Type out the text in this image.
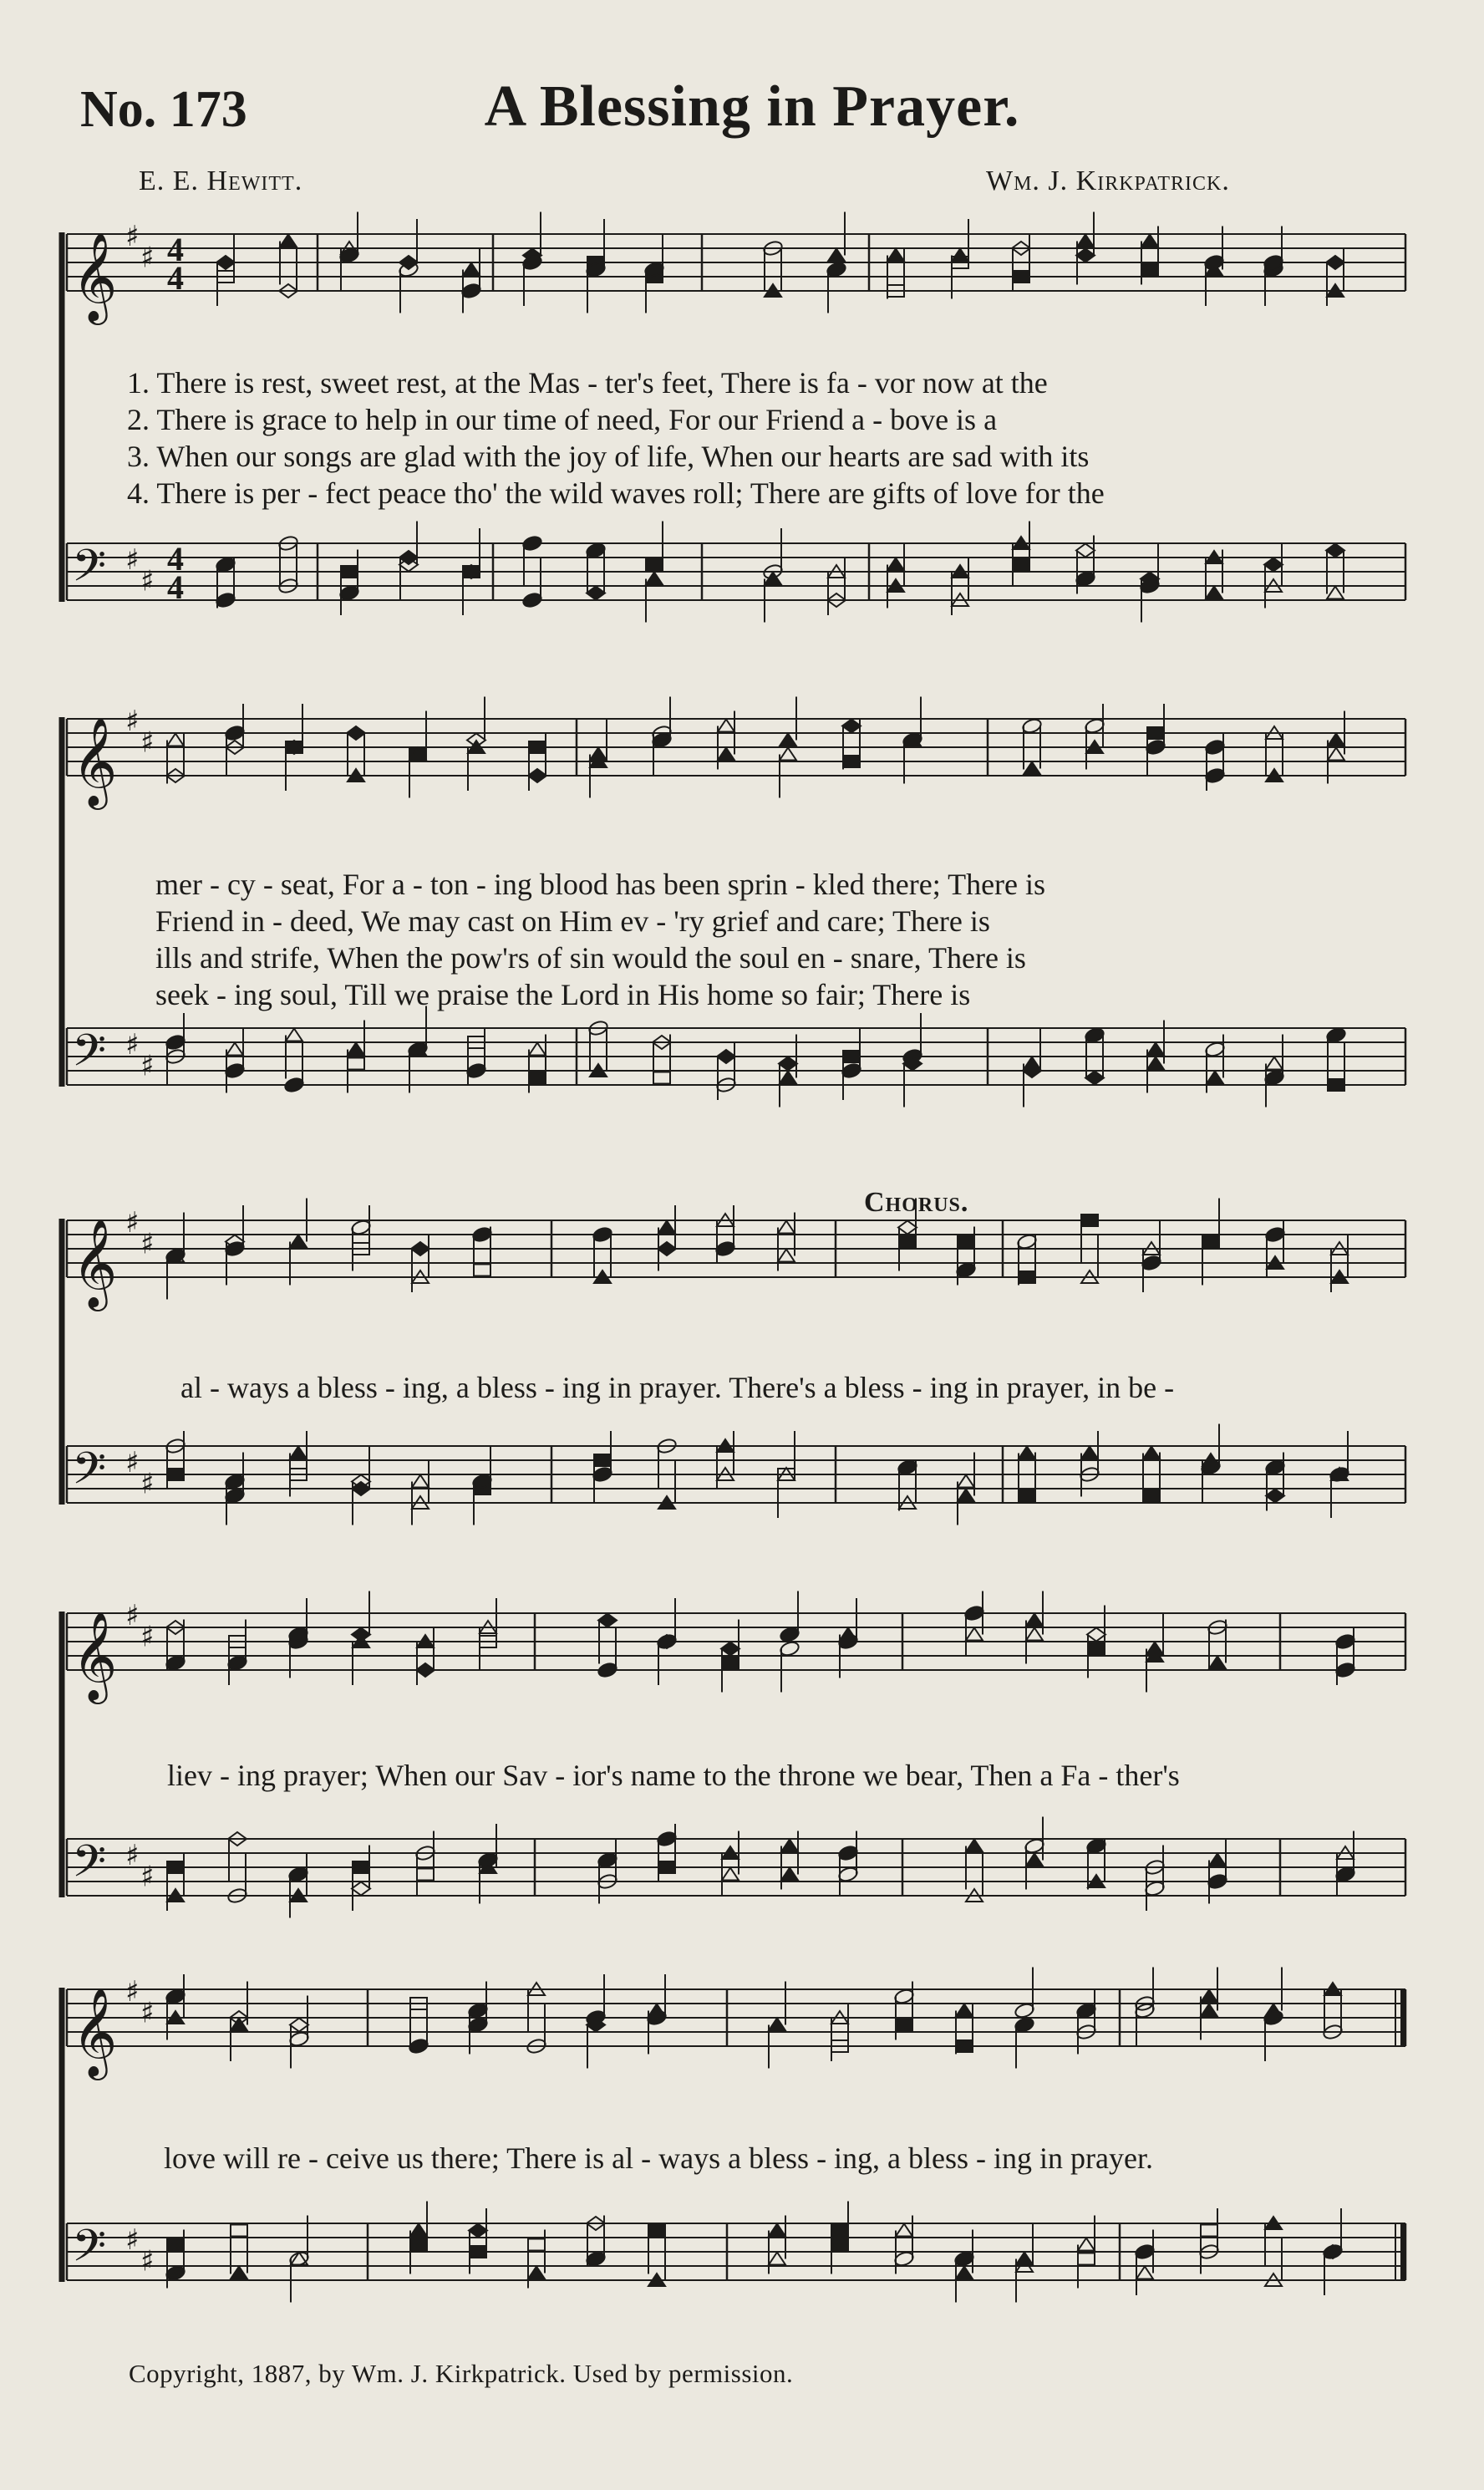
No. 173	A Blessing in Prayer.
E. E. Hewitt.	Wm. J. Kirkpatrick.
𝄞 ♯
♯ 4
4
𝄢 ♯
♯
4
4
1. There is rest, sweet rest, at the Mas - ter's feet, There is fa - vor now at the
2. There is grace to help in our time of need, For our Friend a - bove is a
3. When our songs are glad with the joy of life, When our hearts are sad with its
4. There is per - fect peace tho' the wild waves roll; There are gifts of love for the
𝄞 ♯
♯
𝄢 ♯
♯
mer - cy - seat, For a - ton - ing blood has been sprin - kled there; There is
Friend in - deed, We may cast on Him ev - 'ry grief and care; There is
ills and strife, When the pow'rs of sin would the soul en - snare, There is
seek - ing soul, Till we praise the Lord in His home so fair; There is
𝄞 ♯
♯
𝄢 ♯
♯
al - ways a bless - ing, a bless - ing in prayer. There's a bless - ing in prayer, in be -
Chorus.
𝄞 ♯
♯
𝄢 ♯
♯
liev - ing prayer; When our Sav - ior's name to the throne we bear, Then a Fa - ther's
𝄞 ♯
♯
𝄢 ♯
♯
love will re - ceive us there; There is al - ways a bless - ing, a bless - ing in prayer.
Copyright, 1887, by Wm. J. Kirkpatrick. Used by permission.
